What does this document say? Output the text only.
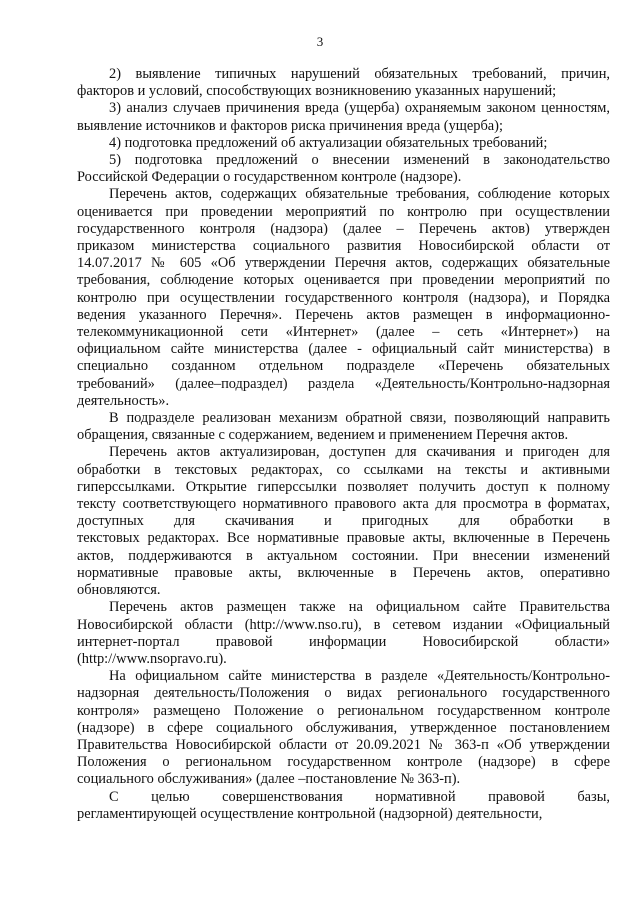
3
2) выявление типичных нарушений обязательных требований, причин,
факторов и условий, способствующих возникновению указанных нарушений;
3) анализ случаев причинения вреда (ущерба) охраняемым законом ценностям,
выявление источников и факторов риска причинения вреда (ущерба);
4) подготовка предложений об актуализации обязательных требований;
5) подготовка предложений о внесении изменений в законодательство
Российской Федерации о государственном контроле (надзоре).
Перечень актов, содержащих обязательные требования, соблюдение которых
оценивается при проведении мероприятий по контролю при осуществлении
государственного контроля (надзора) (далее – Перечень актов) утвержден
приказом министерства социального развития Новосибирской области от
14.07.2017 № 605 «Об утверждении Перечня актов, содержащих обязательные
требования, соблюдение которых оценивается при проведении мероприятий по
контролю при осуществлении государственного контроля (надзора), и Порядка
ведения указанного Перечня». Перечень актов размещен в информационно-
телекоммуникационной сети «Интернет» (далее – сеть «Интернет») на
официальном сайте министерства (далее - официальный сайт министерства) в
специально созданном отдельном подразделе «Перечень обязательных
требований» (далее–подраздел) раздела «Деятельность/Контрольно-надзорная
деятельность».
В подразделе реализован механизм обратной связи, позволяющий направить
обращения, связанные с содержанием, ведением и применением Перечня актов.
Перечень актов актуализирован, доступен для скачивания и пригоден для
обработки в текстовых редакторах, со ссылками на тексты и активными
гиперссылками. Открытие гиперссылки позволяет получить доступ к полному
тексту соответствующего нормативного правового акта для просмотра в форматах,
доступных для скачивания и пригодных для обработки в
текстовых редакторах. Все нормативные правовые акты, включенные в Перечень
актов, поддерживаются в актуальном состоянии. При внесении изменений
нормативные правовые акты, включенные в Перечень актов, оперативно
обновляются.
Перечень актов размещен также на официальном сайте Правительства
Новосибирской области (http://www.nso.ru), в сетевом издании «Официальный
интернет-портал правовой информации Новосибирской области»
(http://www.nsopravo.ru).
На официальном сайте министерства в разделе «Деятельность/Контрольно-
надзорная деятельность/Положения о видах регионального государственного
контроля» размещено Положение о региональном государственном контроле
(надзоре) в сфере социального обслуживания, утвержденное постановлением
Правительства Новосибирской области от 20.09.2021 № 363-п «Об утверждении
Положения о региональном государственном контроле (надзоре) в сфере
социального обслуживания» (далее –постановление № 363-п).
С целью совершенствования нормативной правовой базы,
регламентирующей осуществление контрольной (надзорной) деятельности,
